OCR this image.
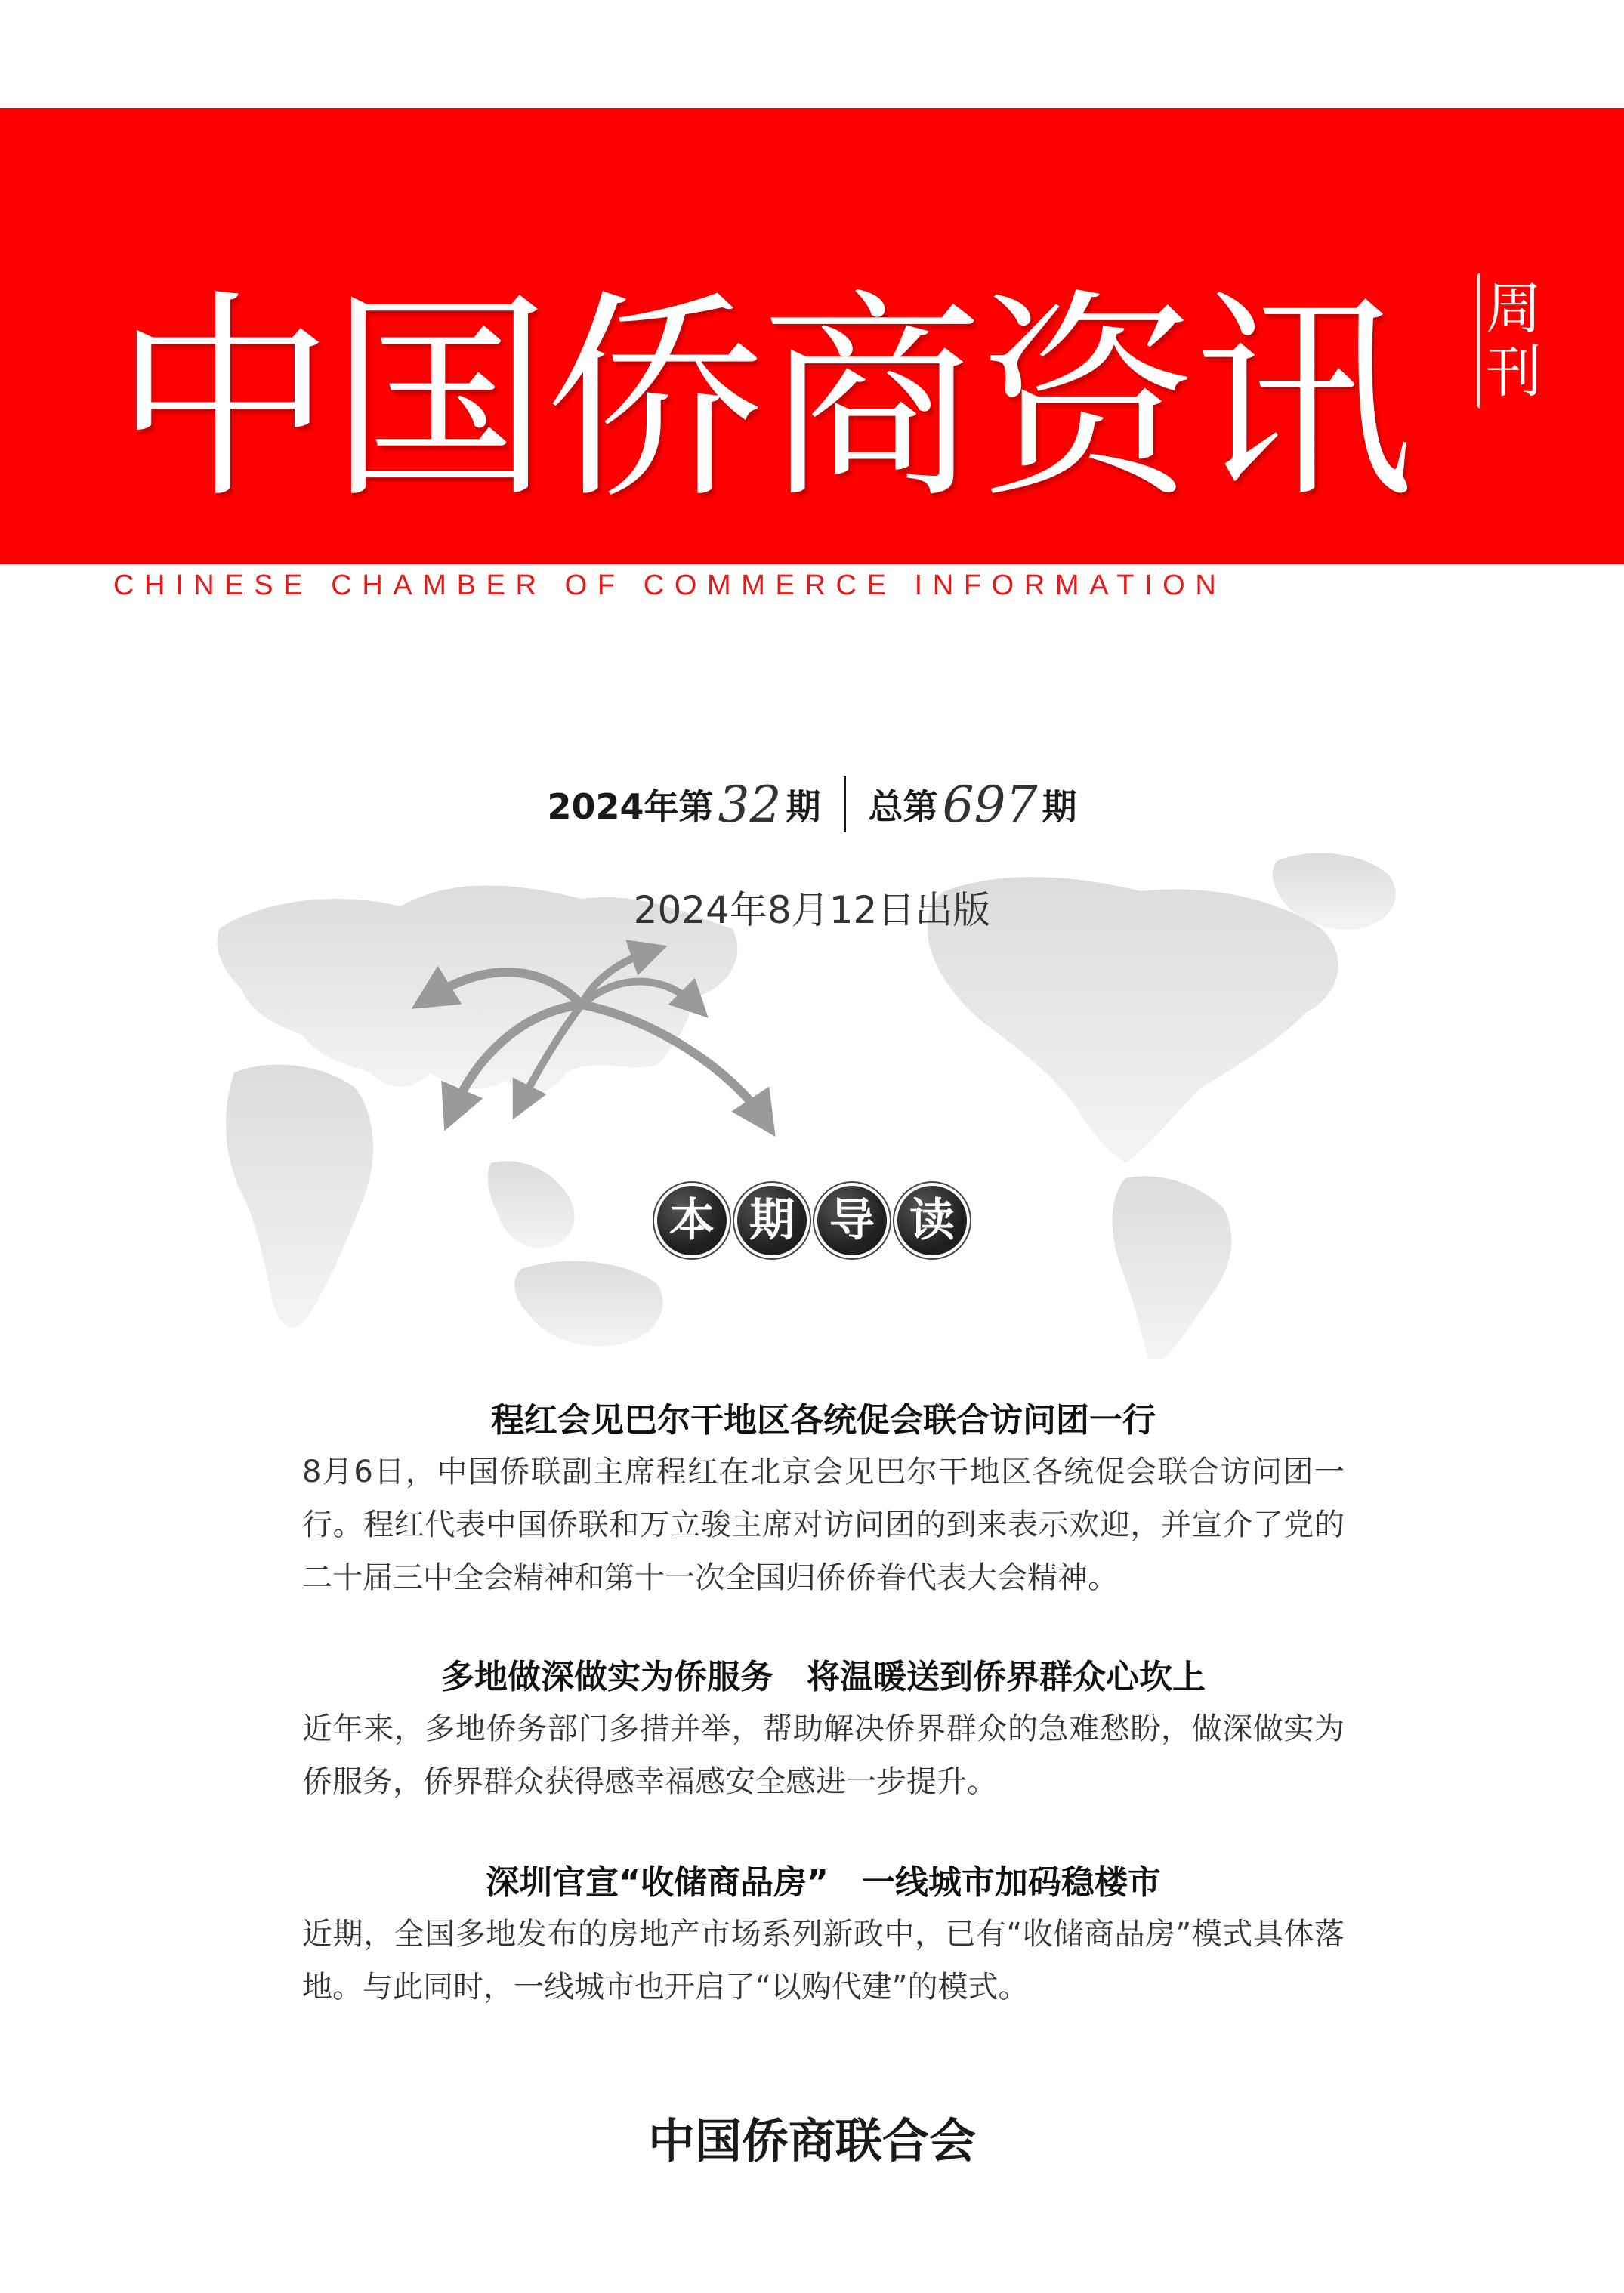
中国侨商资讯	周
刊
CHINESE CHAMBER OF COMMERCE INFORMATION
2024年第 32 期 总第 697 期
2024年8月12日出版
本 期 导 读
程红会见巴尔干地区各统促会联合访问团一行

8月6日，中国侨联副主席程红在北京会见巴尔干地区各统促会联合访问团一行。程红代表中国侨联和万立骏主席对访问团的到来表示欢迎，并宣介了党的二十届三中全会精神和第十一次全国归侨侨眷代表大会精神。

多地做深做实为侨服务　将温暖送到侨界群众心坎上

近年来，多地侨务部门多措并举，帮助解决侨界群众的急难愁盼，做深做实为侨服务，侨界群众获得感幸福感安全感进一步提升。

深圳官宣“收储商品房”　一线城市加码稳楼市

近期，全国多地发布的房地产市场系列新政中，已有“收储商品房”模式具体落地。与此同时，一线城市也开启了“以购代建”的模式。

中国侨商联合会
